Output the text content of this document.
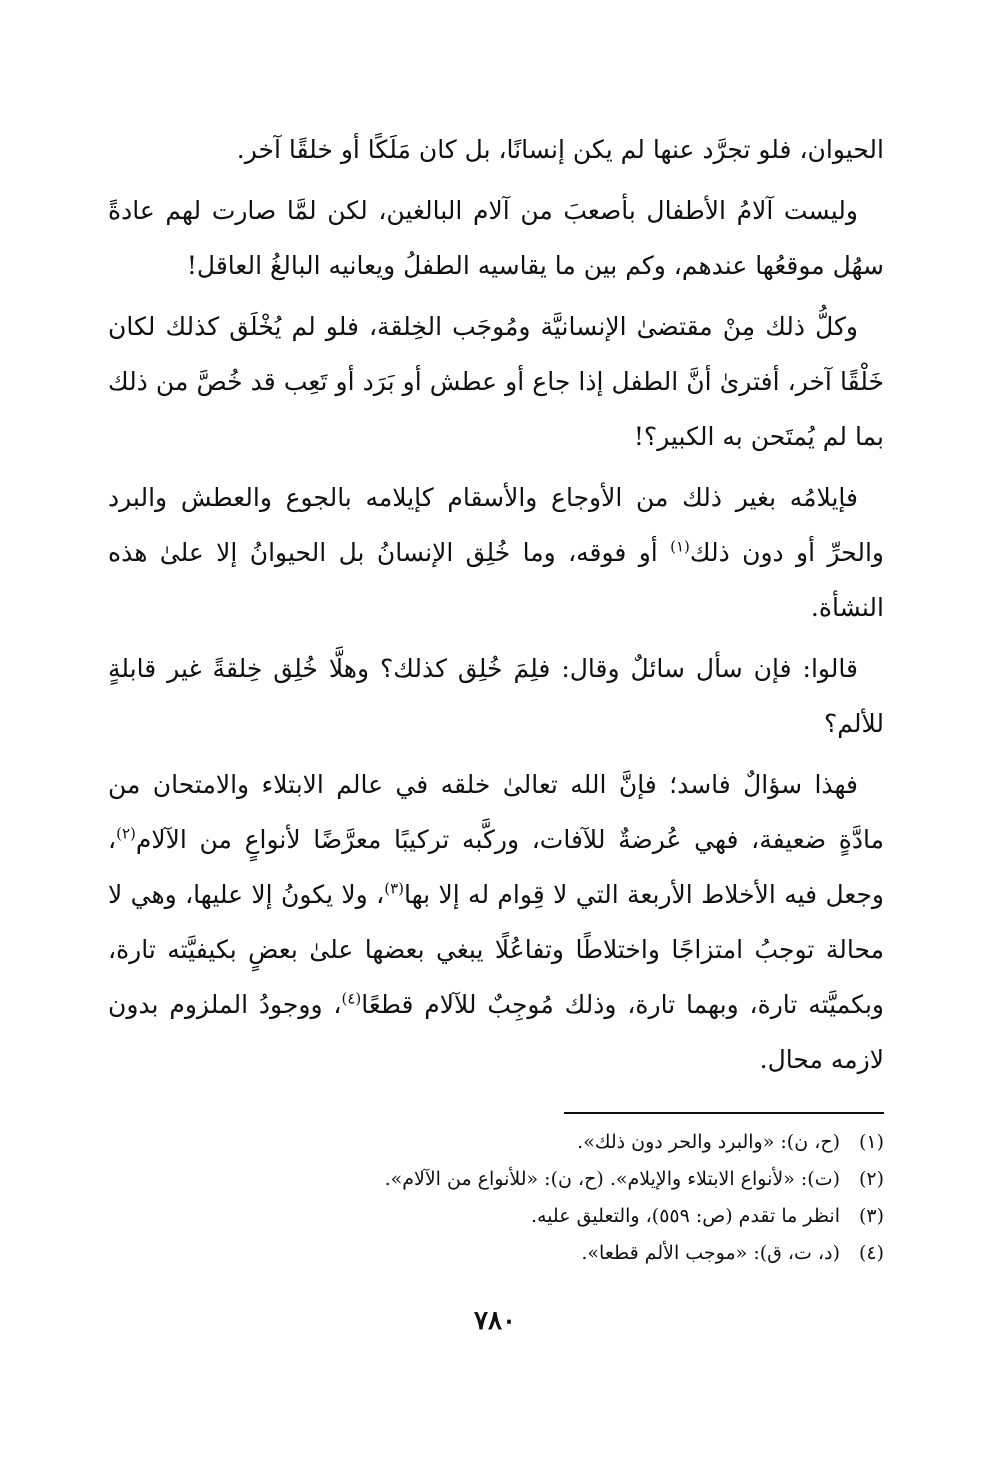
الحيوان، فلو تجرَّد عنها لم يكن إنسانًا، بل كان مَلَكًا أو خلقًا آخر.

وليست آلامُ الأطفال بأصعبَ من آلام البالغين، لكن لمَّا صارت لهم عادةً سهُل موقعُها عندهم، وكم بين ما يقاسيه الطفلُ ويعانيه البالغُ العاقل!

وكلُّ ذلك مِنْ مقتضىٰ الإنسانيَّة ومُوجَب الخِلقة، فلو لم يُخْلَق كذلك لكان خَلْقًا آخر، أفترىٰ أنَّ الطفل إذا جاع أو عطش أو بَرَد أو تَعِب قد خُصَّ من ذلك بما لم يُمتَحن به الكبير؟!

فإيلامُه بغير ذلك من الأوجاع والأسقام كإيلامه بالجوع والعطش والبرد والحرِّ أو دون ذلك$^{(١)}$ أو فوقه، وما خُلِق الإنسانُ بل الحيوانُ إلا علىٰ هذه النشأة.

قالوا: فإن سأل سائلٌ وقال: فلِمَ خُلِق كذلك؟ وهلَّا خُلِق خِلقةً غير قابلةٍ للألم؟

فهذا سؤالٌ فاسد؛ فإنَّ الله تعالىٰ خلقه في عالم الابتلاء والامتحان من مادَّةٍ ضعيفة، فهي عُرضةٌ للآفات، وركَّبه تركيبًا معرَّضًا لأنواعٍ من الآلام$^{(٢)}$، وجعل فيه الأخلاط الأربعة التي لا قِوام له إلا بها$^{(٣)}$، ولا يكونُ إلا عليها، وهي لا محالة توجبُ امتزاجًا واختلاطًا وتفاعُلًا يبغي بعضها علىٰ بعضٍ بكيفيَّته تارة، وبكميَّته تارة، وبهما تارة، وذلك مُوجِبٌ للآلام قطعًا$^{(٤)}$، ووجودُ الملزوم بدون لازمه محال.

(١)
(ح، ن): «والبرد والحر دون ذلك».
(٢)
(ت): «لأنواع الابتلاء والإيلام». (ح، ن): «للأنواع من الآلام».
(٣)
انظر ما تقدم (ص: ٥٥٩)، والتعليق عليه.
(٤)
(د، ت، ق): «موجب الألم قطعا».
٧٨٠
